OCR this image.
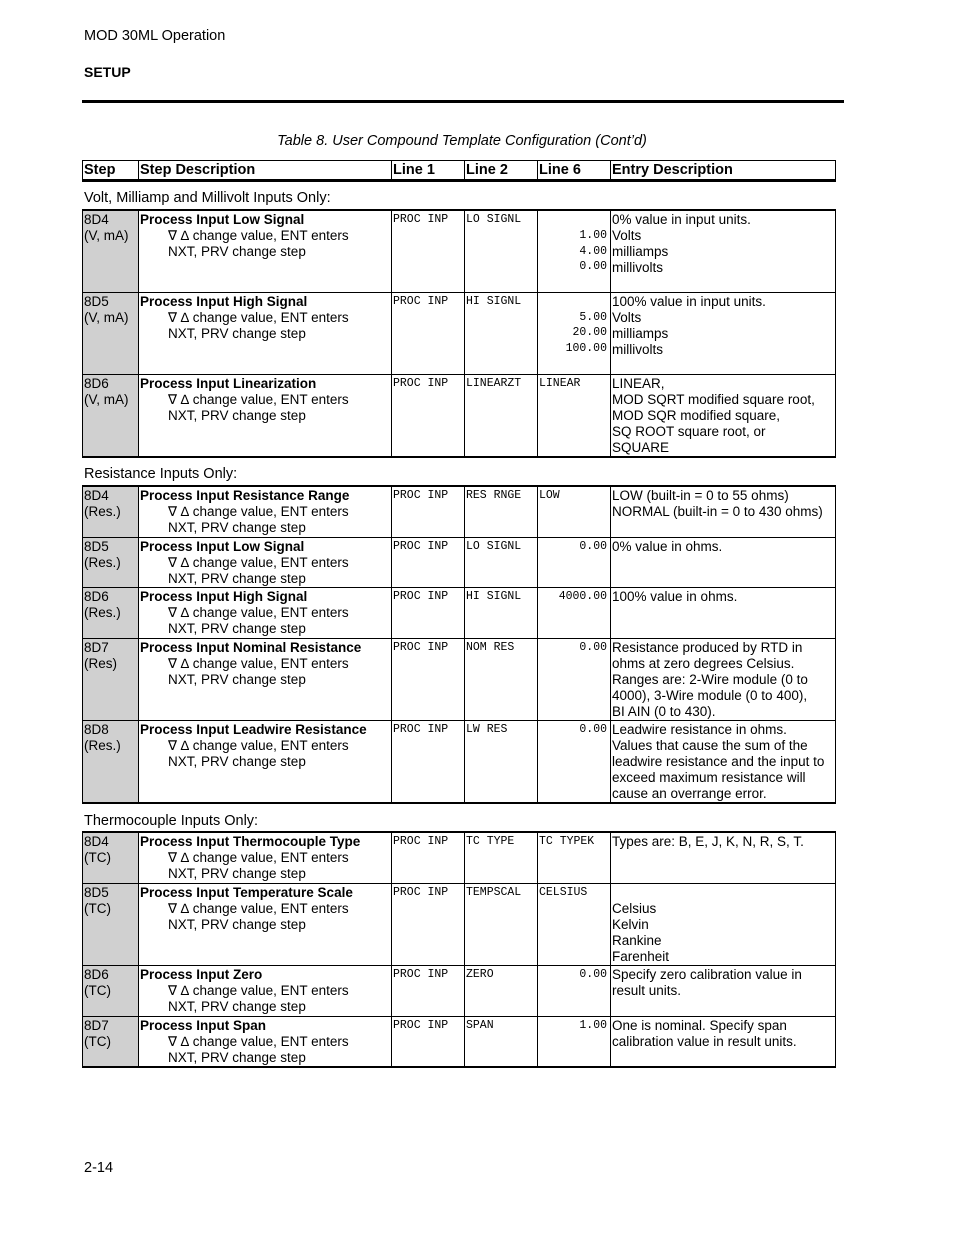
MOD 30ML Operation
SETUP
Table 8. User Compound Template Configuration (Cont’d)
Step	Step Description	Line 1	Line 2	Line 6	Entry Description
Volt, Milliamp and Millivolt Inputs Only:
8D4
(V, mA)	Process Input Low Signal
∇ ∆ change value, ENT enters
NXT, PRV change step	PROC INP	LO SIGNL	1.00
4.00
0.00	0% value in input units.
Volts
milliamps
millivolts

8D5
(V, mA)	Process Input High Signal
∇ ∆ change value, ENT enters
NXT, PRV change step	PROC INP	HI SIGNL	5.00
20.00
100.00	100% value in input units.
Volts
milliamps
millivolts

8D6
(V, mA)	Process Input Linearization
∇ ∆ change value, ENT enters
NXT, PRV change step	PROC INP	LINEARZT	LINEAR	LINEAR,
MOD SQRT modified square root,
MOD SQR modified square,
SQ ROOT square root, or
SQUARE
Resistance Inputs Only:
8D4
(Res.)	Process Input Resistance Range
∇ ∆ change value, ENT enters
NXT, PRV change step	PROC INP	RES RNGE	LOW	LOW (built-in = 0 to 55 ohms)
NORMAL (built-in = 0 to 430 ohms)

8D5
(Res.)	Process Input Low Signal
∇ ∆ change value, ENT enters
NXT, PRV change step	PROC INP	LO SIGNL	0.00	0% value in ohms.

8D6
(Res.)	Process Input High Signal
∇ ∆ change value, ENT enters
NXT, PRV change step	PROC INP	HI SIGNL	4000.00	100% value in ohms.

8D7
(Res)	Process Input Nominal Resistance
∇ ∆ change value, ENT enters
NXT, PRV change step	PROC INP	NOM RES	0.00	Resistance produced by RTD in
ohms at zero degrees Celsius.
Ranges are: 2-Wire module (0 to
4000), 3-Wire module (0 to 400),
BI AIN (0 to 430).

8D8
(Res.)	Process Input Leadwire Resistance
∇ ∆ change value, ENT enters
NXT, PRV change step	PROC INP	LW RES	0.00	Leadwire resistance in ohms.
Values that cause the sum of the
leadwire resistance and the input to
exceed maximum resistance will
cause an overrange error.
Thermocouple Inputs Only:
8D4
(TC)	Process Input Thermocouple Type
∇ ∆ change value, ENT enters
NXT, PRV change step	PROC INP	TC TYPE	TC TYPEK	Types are: B, E, J, K, N, R, S, T.

8D5
(TC)	Process Input Temperature Scale
∇ ∆ change value, ENT enters
NXT, PRV change step	PROC INP	TEMPSCAL	CELSIUS	Celsius
Kelvin
Rankine
Farenheit

8D6
(TC)	Process Input Zero
∇ ∆ change value, ENT enters
NXT, PRV change step	PROC INP	ZERO	0.00	Specify zero calibration value in
result units.

8D7
(TC)	Process Input Span
∇ ∆ change value, ENT enters
NXT, PRV change step	PROC INP	SPAN	1.00	One is nominal. Specify span
calibration value in result units.
2-14
